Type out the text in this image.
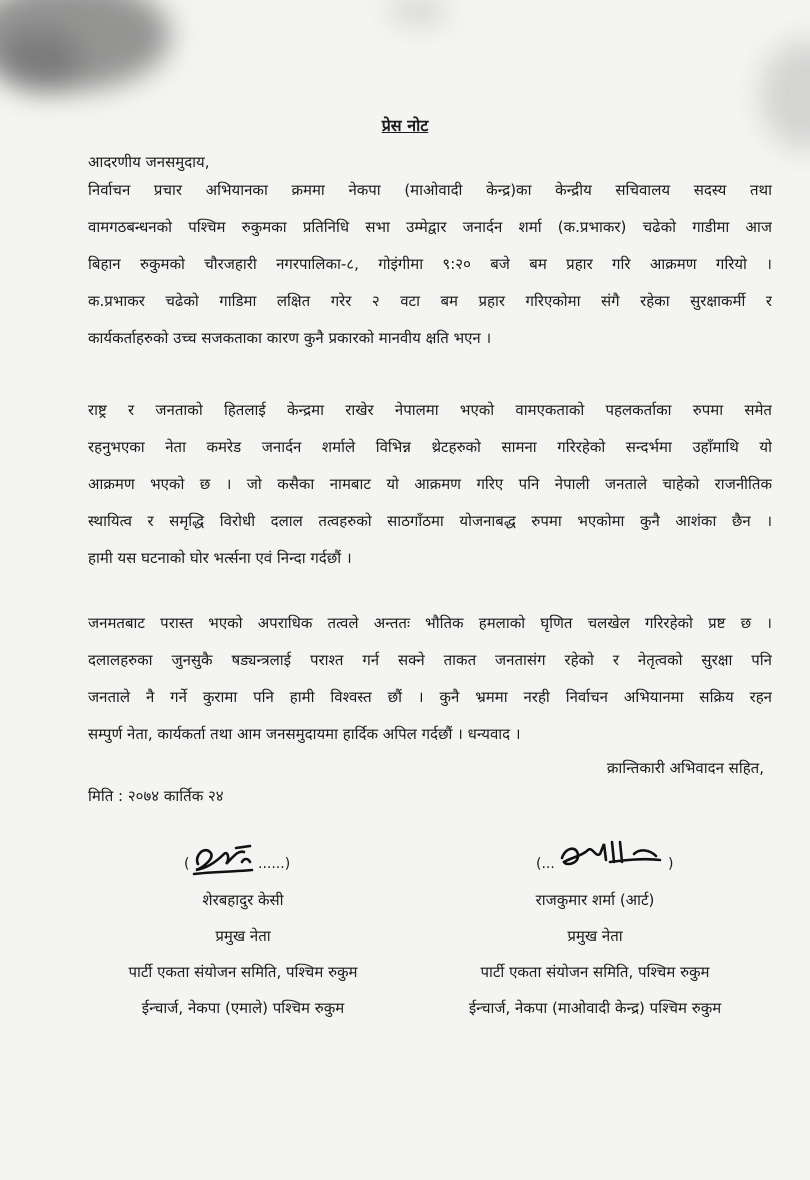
प्रेस नोट
आदरणीय जनसमुदाय,
निर्वाचन प्रचार अभियानका क्रममा नेकपा (माओवादी केन्द्र)का केन्द्रीय सचिवालय सदस्य तथा
वामगठबन्धनको पश्चिम रुकुमका प्रतिनिधि सभा उम्मेद्वार जनार्दन शर्मा (क.प्रभाकर) चढेको गाडीमा आज
बिहान रुकुमको चौरजहारी नगरपालिका-८, गोइंगीमा ९:२० बजे बम प्रहार गरि आक्रमण गरियो ।
क.प्रभाकर चढेको गाडिमा लक्षित गरेर २ वटा बम प्रहार गरिएकोमा संगै रहेका सुरक्षाकर्मी र
कार्यकर्ताहरुको उच्च सजकताका कारण कुनै प्रकारको मानवीय क्षति भएन ।
राष्ट्र र जनताको हितलाई केन्द्रमा राखेर नेपालमा भएको वामएकताको पहलकर्ताका रुपमा समेत
रहनुभएका नेता कमरेड जनार्दन शर्माले विभिन्न थ्रेटहरुको सामना गरिरहेको सन्दर्भमा उहाँमाथि यो
आक्रमण भएको छ । जो कसैका नामबाट यो आक्रमण गरिए पनि नेपाली जनताले चाहेको राजनीतिक
स्थायित्व र समृद्धि विरोधी दलाल तत्वहरुको साठगाँठमा योजनाबद्ध रुपमा भएकोमा कुनै आशंका छैन ।
हामी यस घटनाको घोर भर्त्सना एवं निन्दा गर्दछौं ।
जनमतबाट परास्त भएको अपराधिक तत्वले अन्ततः भौतिक हमलाको घृणित चलखेल गरिरहेको प्रष्ट छ ।
दलालहरुका जुनसुकै षड्यन्त्रलाई पराश्त गर्न सक्ने ताकत जनतासंग रहेको र नेतृत्वको सुरक्षा पनि
जनताले नै गर्ने कुरामा पनि हामी विश्वस्त छौं । कुनै भ्रममा नरही निर्वाचन अभियानमा सक्रिय रहन
सम्पुर्ण नेता, कार्यकर्ता तथा आम जनसमुदायमा हार्दिक अपिल गर्दछौं । धन्यवाद ।
क्रान्तिकारी अभिवादन सहित,
मिति : २०७४ कार्तिक २४
(	......)
शेरबहादुर केसी
प्रमुख नेता
पार्टी एकता संयोजन समिति, पश्चिम रुकुम
ईन्चार्ज, नेकपा (एमाले) पश्चिम रुकुम
(...	)
राजकुमार शर्मा (आर्ट)
प्रमुख नेता
पार्टी एकता संयोजन समिति, पश्चिम रुकुम
ईन्चार्ज, नेकपा (माओवादी केन्द्र) पश्चिम रुकुम
